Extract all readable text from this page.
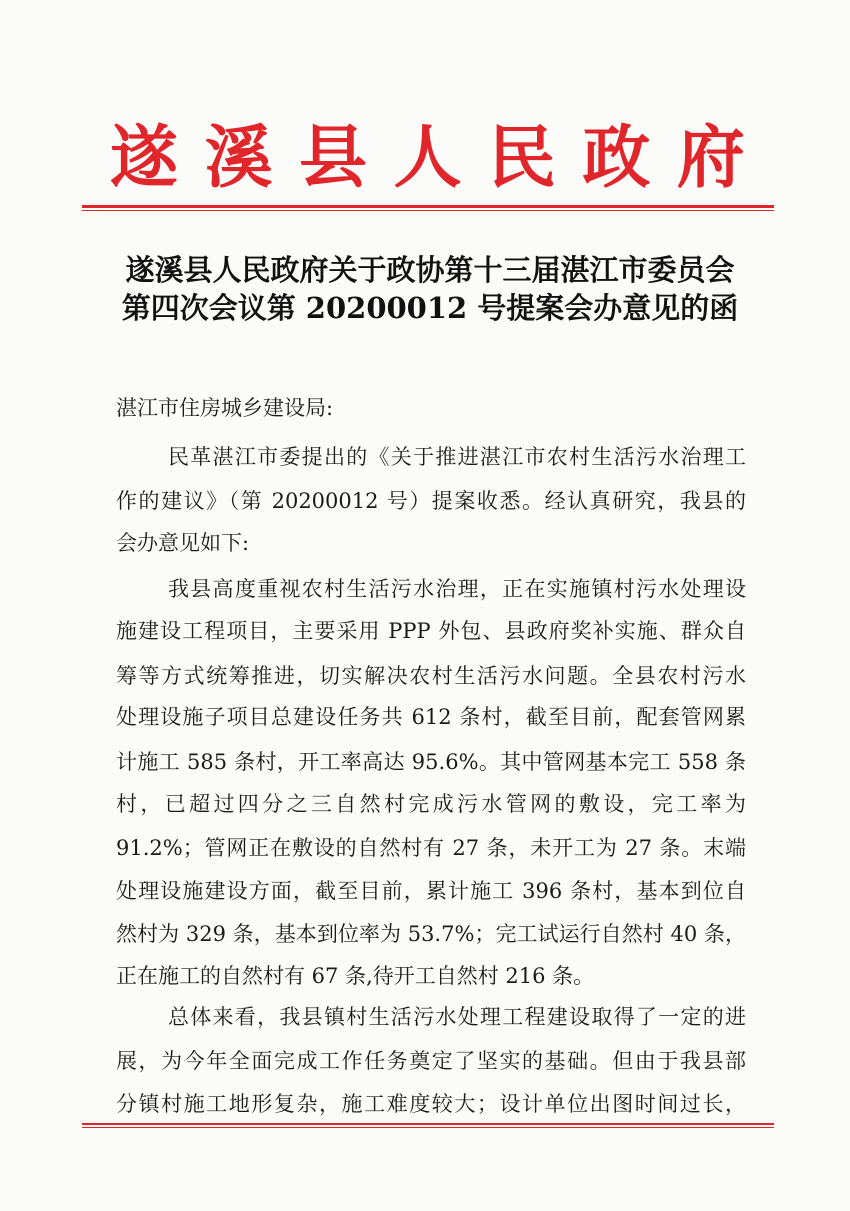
遂 溪 县 人 民 政 府
遂溪县人民政府关于政协第十三届湛江市委员会
第四次会议第 20200012 号提案会办意见的函
湛江市住房城乡建设局:
民革湛江市委提出的《关于推进湛江市农村生活污水治理工
作的建议》（第 20200012 号）提案收悉。经认真研究，我县的
会办意见如下:
我县高度重视农村生活污水治理，正在实施镇村污水处理设
施建设工程项目，主要采用 PPP 外包、县政府奖补实施、群众自
筹等方式统筹推进，切实解决农村生活污水问题。全县农村污水
处理设施子项目总建设任务共 612 条村，截至目前，配套管网累
计施工 585 条村，开工率高达 95.6%。其中管网基本完工 558 条
村，已超过四分之三自然村完成污水管网的敷设，完工率为
91.2%；管网正在敷设的自然村有 27 条，未开工为 27 条。末端
处理设施建设方面，截至目前，累计施工 396 条村，基本到位自
然村为 329 条，基本到位率为 53.7%；完工试运行自然村 40 条，
正在施工的自然村有 67 条,待开工自然村 216 条。
总体来看，我县镇村生活污水处理工程建设取得了一定的进
展，为今年全面完成工作任务奠定了坚实的基础。但由于我县部
分镇村施工地形复杂，施工难度较大；设计单位出图时间过长，
